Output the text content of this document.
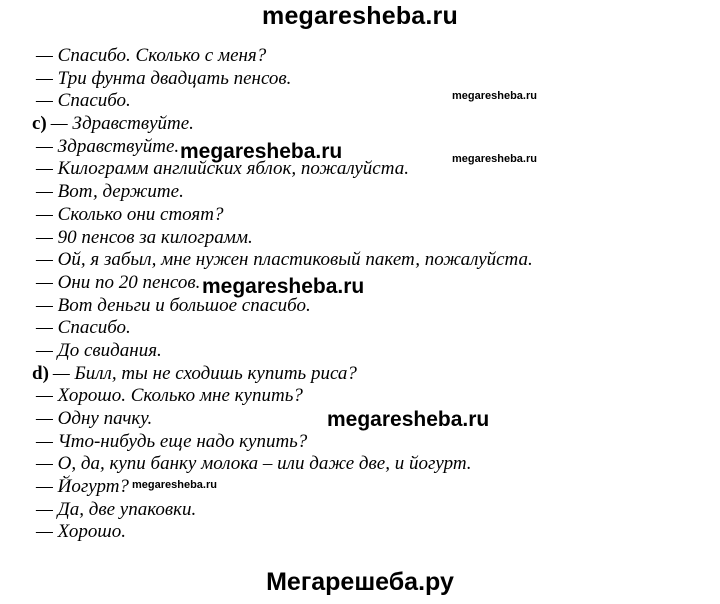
megaresheba.ru
— Спасибо. Сколько с меня?
— Три фунта двадцать пенсов.
— Спасибо.
c) — Здравствуйте.
— Здравствуйте.
— Килограмм английских яблок, пожалуйста.
— Вот, держите.
— Сколько они стоят?
— 90 пенсов за килограмм.
— Ой, я забыл, мне нужен пластиковый пакет, пожалуйста.
— Они по 20 пенсов.
— Вот деньги и большое спасибо.
— Спасибо.
— До свидания.
d) — Билл, ты не сходишь купить риса?
— Хорошо. Сколько мне купить?
— Одну пачку.
— Что-нибудь еще надо купить?
— О, да, купи банку молока – или даже две, и йогурт.
— Йогурт?
— Да, две упаковки.
— Хорошо.
megaresheba.ru
megaresheba.ru	megaresheba.ru
megaresheba.ru
megaresheba.ru
megaresheba.ru
Мегарешеба.ру
